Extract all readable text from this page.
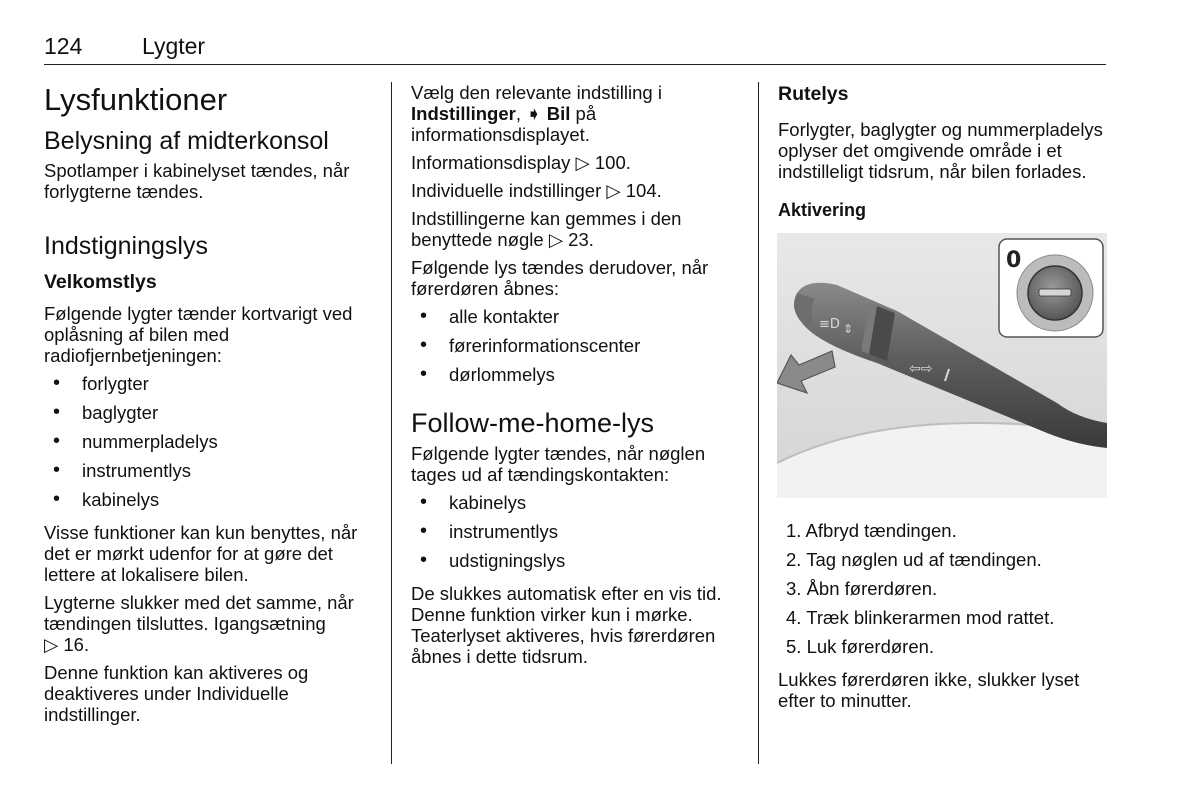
124	Lygter
Lysfunktioner
Belysning af midterkonsol

Spotlamper i kabinelyset tændes, når forlygterne tændes.

Indstigningslys
Velkomstlys

Følgende lygter tænder kortvarigt ved oplåsning af bilen med radiofjernbetjeningen:

• forlygter
• baglygter
• nummerpladelys
• instrumentlys
• kabinelys

Visse funktioner kan kun benyttes, når det er mørkt udenfor for at gøre det lettere at lokalisere bilen.

Lygterne slukker med det samme, når tændingen tilsluttes. Igangsætning
▷ 16.

Denne funktion kan aktiveres og deaktiveres under Individuelle indstillinger.

Vælg den relevante indstilling i
Indstillinger, ➧ Bil på informationsdisplayet.

Informationsdisplay ▷ 100.

Individuelle indstillinger ▷ 104.

Indstillingerne kan gemmes i den benyttede nøgle ▷ 23.

Følgende lys tændes derudover, når førerdøren åbnes:

• alle kontakter
• førerinformationscenter
• dørlommelys
Follow-me-home-lys

Følgende lygter tændes, når nøglen tages ud af tændingskontakten:

• kabinelys
• instrumentlys
• udstigningslys

De slukkes automatisk efter en vis tid. Denne funktion virker kun i mørke. Teaterlyset aktiveres, hvis førerdøren åbnes i dette tidsrum.

Rutelys

Forlygter, baglygter og nummerpladelys oplyser det omgivende område i et indstilleligt tidsrum, når bilen forlades.

Aktivering
≡D ⇕
⇦⇨
0
1. Afbryd tændingen.
2. Tag nøglen ud af tændingen.
3. Åbn førerdøren.
4. Træk blinkerarmen mod rattet.
5. Luk førerdøren.

Lukkes førerdøren ikke, slukker lyset efter to minutter.
